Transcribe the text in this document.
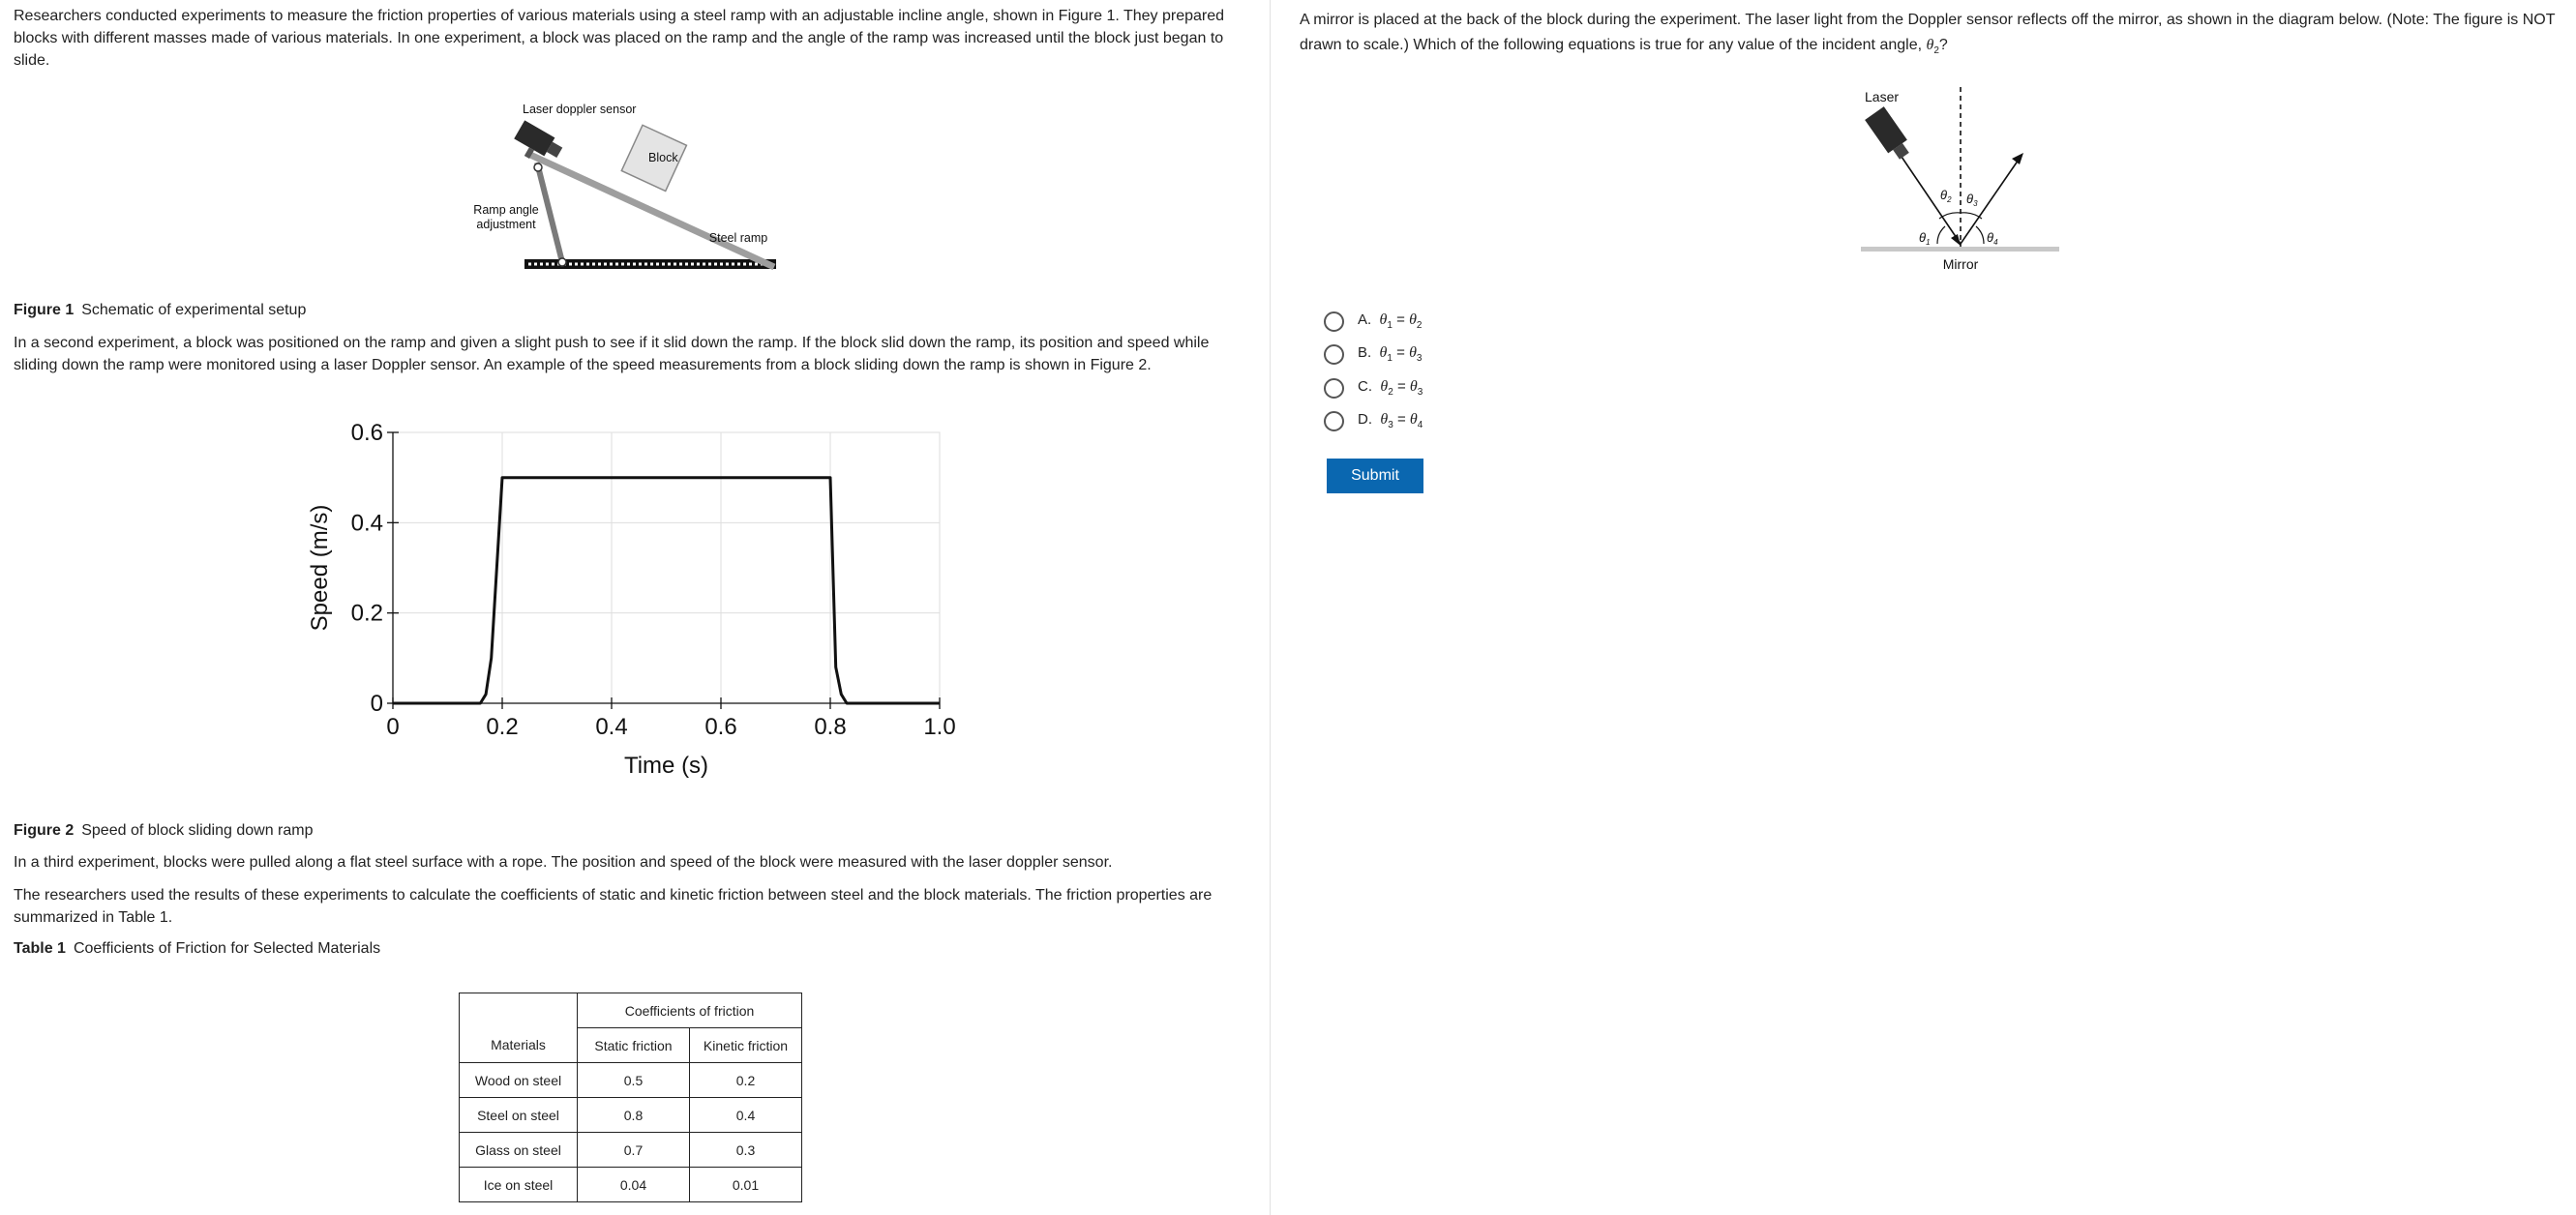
Researchers conducted experiments to measure the friction properties of various materials using a steel ramp with an adjustable incline angle, shown in Figure 1. They prepared blocks with different masses made of various materials. In one experiment, a block was placed on the ramp and the angle of the ramp was increased until the block just began to slide.

Laser doppler sensor
Block
Ramp angle
adjustment
Steel ramp
Figure 1 Schematic of experimental setup

In a second experiment, a block was positioned on the ramp and given a slight push to see if it slid down the ramp. If the block slid down the ramp, its position and speed while sliding down the ramp were monitored using a laser Doppler sensor. An example of the speed measurements from a block sliding down the ramp is shown in Figure 2.

0	0.2	0.4	0.6	0.8	1.0
0
0.2
0.4
0.6
Time (s)
Speed (m/s)
Figure 2 Speed of block sliding down ramp

In a third experiment, blocks were pulled along a flat steel surface with a rope. The position and speed of the block were measured with the laser doppler sensor.

The researchers used the results of these experiments to calculate the coefficients of static and kinetic friction between steel and the block materials. The friction properties are summarized in Table 1.

Table 1 Coefficients of Friction for Selected Materials
	Coefficients of friction	
Materials	Static friction	Kinetic friction
Wood on steel	0.5	0.2
Steel on steel	0.8	0.4
Glass on steel	0.7	0.3
Ice on steel	0.04	0.01

A mirror is placed at the back of the block during the experiment. The laser light from the Doppler sensor reflects off the mirror, as shown in the diagram below. (Note: The figure is NOT
drawn to scale.) Which of the following equations is true for any value of the incident angle, $\theta_2$?

Laser
Mirror
$\theta_1$
$\theta_2$ $\theta_3$
$\theta_4$
A. $\theta_1 = \theta_2$
B. $\theta_1 = \theta_3$
C. $\theta_2 = \theta_3$
D. $\theta_3 = \theta_4$
Submit
